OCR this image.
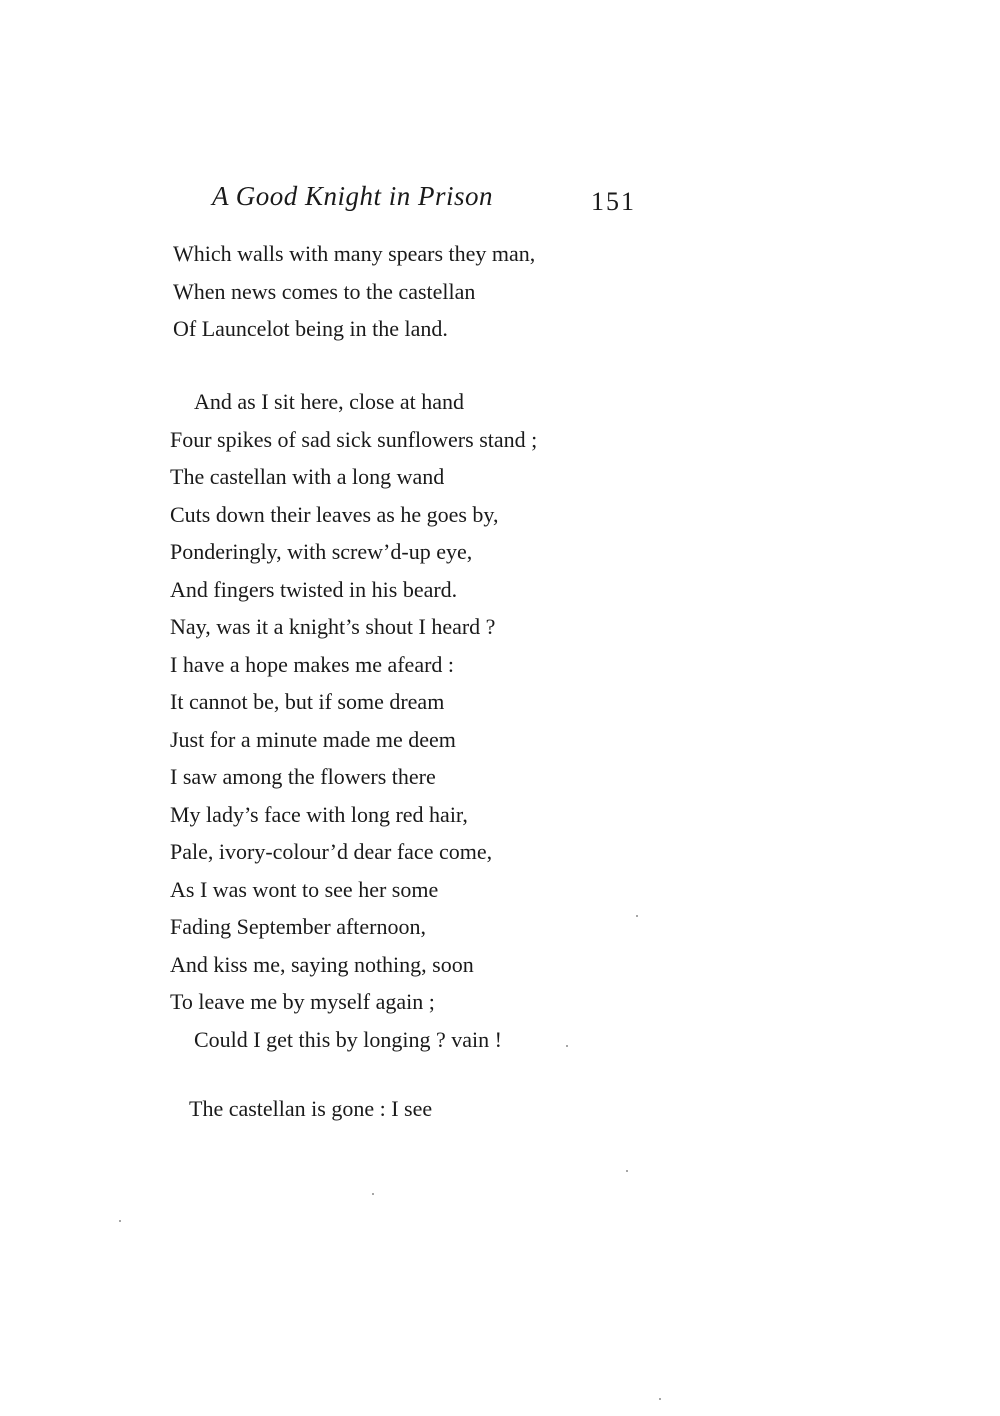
A Good Knight in Prison	151
Which walls with many spears they man,
When news comes to the castellan
Of Launcelot being in the land.
And as I sit here, close at hand
Four spikes of sad sick sunflowers stand ;
The castellan with a long wand
Cuts down their leaves as he goes by,
Ponderingly, with screw’d-up eye,
And fingers twisted in his beard.
Nay, was it a knight’s shout I heard ?
I have a hope makes me afeard :
It cannot be, but if some dream
Just for a minute made me deem
I saw among the flowers there
My lady’s face with long red hair,
Pale, ivory-colour’d dear face come,
As I was wont to see her some
Fading September afternoon,
And kiss me, saying nothing, soon
To leave me by myself again ;
Could I get this by longing ? vain !
The castellan is gone : I see
